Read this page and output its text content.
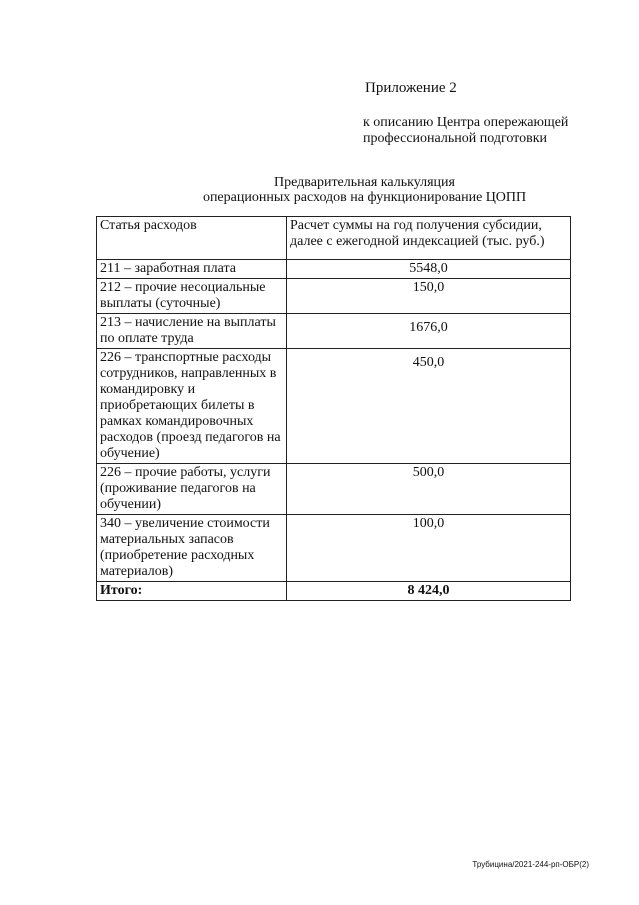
Приложение 2
к описанию Центра опережающей
профессиональной подготовки
Предварительная калькуляция
операционных расходов на функционирование ЦОПП
Статья расходов	Расчет суммы на год получения субсидии, далее с ежегодной индексацией (тыс. руб.)
211 – заработная плата	5548,0
212 – прочие несоциальные выплаты (суточные)	150,0
213 – начисление на выплаты по оплате труда	1676,0
226 – транспортные расходы сотрудников, направленных в командировку и приобретающих билеты в рамках командировочных расходов (проезд педагогов на обучение)	450,0
226 – прочие работы, услуги (проживание педагогов на обучении)	500,0
340 – увеличение стоимости материальных запасов (приобретение расходных материалов)	100,0
Итого:	8 424,0
Трубицина/2021-244-рп-ОБР(2)
